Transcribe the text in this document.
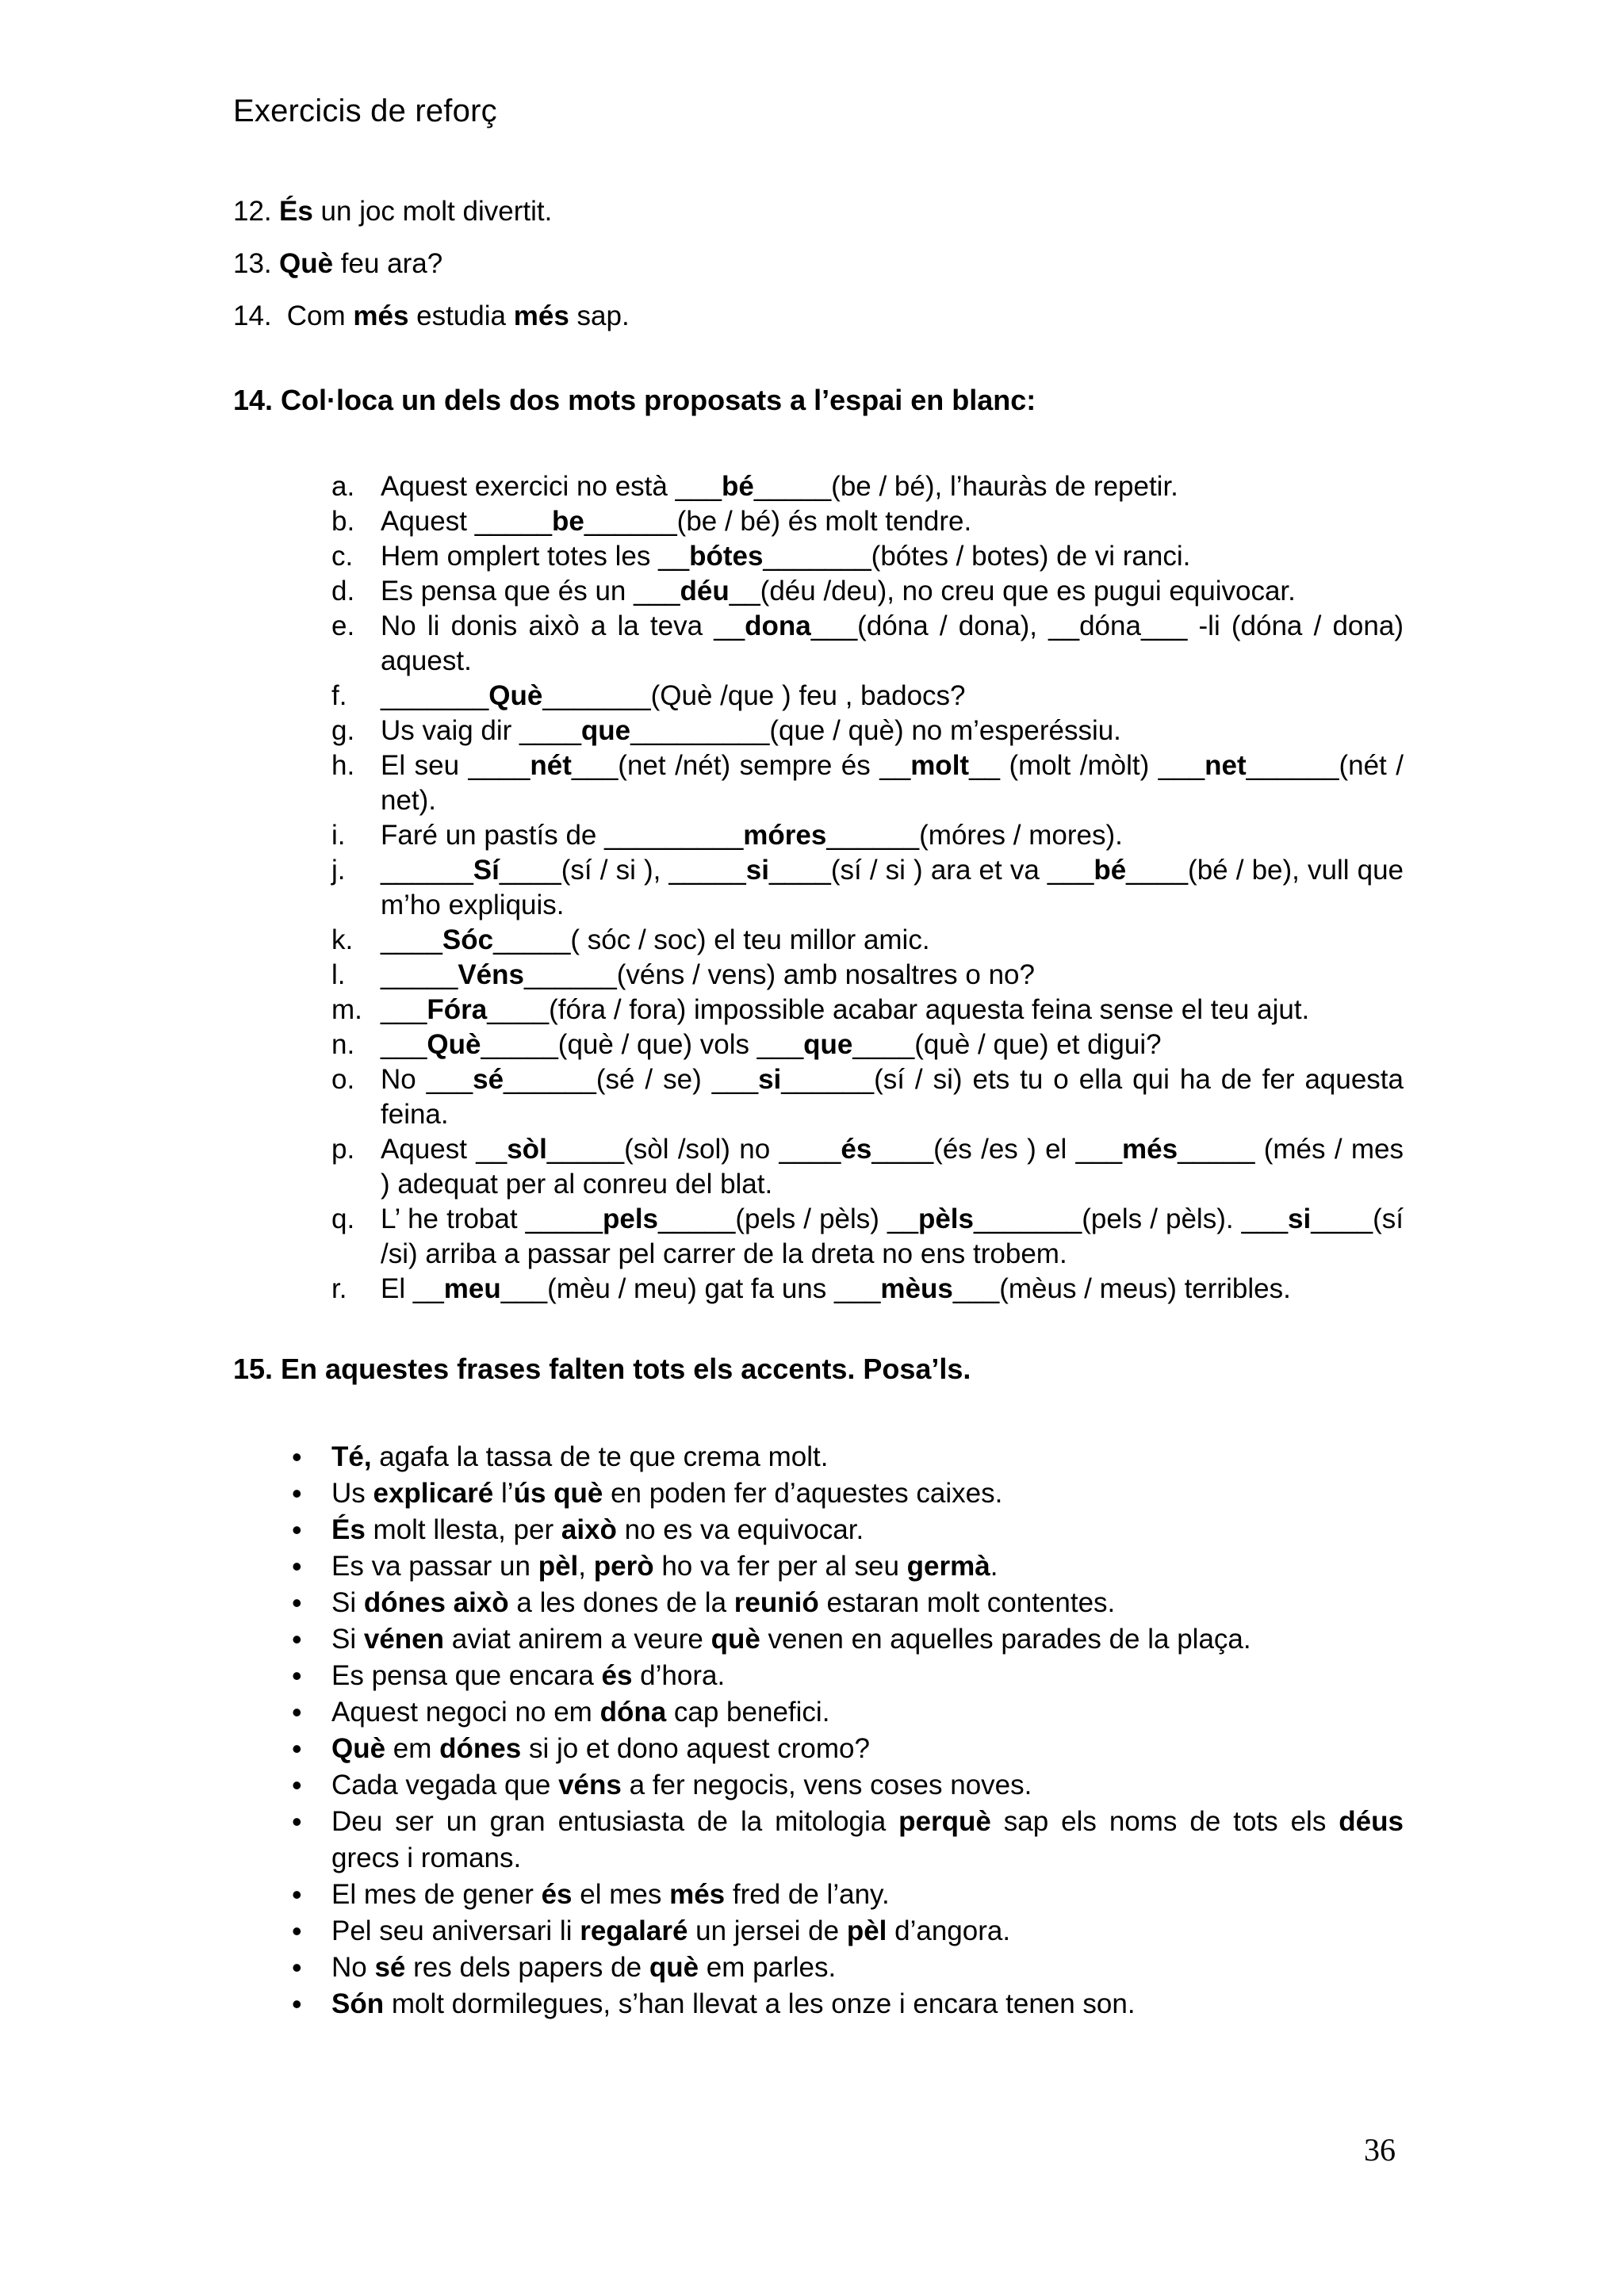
Exercicis de reforç
12. És un joc molt divertit.
13. Què feu ara?
14. Com més estudia més sap.
14. Col·loca un dels dos mots proposats a l’espai en blanc:
a. Aquest exercici no està ___bé_____(be / bé), l’hauràs de repetir.
b. Aquest _____be______(be / bé) és molt tendre.
c. Hem omplert totes les __bótes_______(bótes / botes) de vi ranci.
d. Es pensa que és un ___déu__(déu /deu), no creu que es pugui equivocar.
e. No li donis això a la teva __dona___(dóna / dona), __dóna___ -li (dóna / dona) aquest.
f. _______Què_______(Què /que ) feu , badocs?
g. Us vaig dir ____que_________(que / què) no m’esperéssiu.
h. El seu ____nét___(net /nét) sempre és __molt__ (molt /mòlt) ___net______(nét / net).
i. Faré un pastís de _________móres______(móres / mores).
j. ______Sí____(sí / si ), _____si____(sí / si ) ara et va ___bé____(bé / be), vull que m’ho expliquis.
k. ____Sóc_____( sóc / soc) el teu millor amic.
l. _____Véns______(véns / vens) amb nosaltres o no?
m. ___Fóra____(fóra / fora) impossible acabar aquesta feina sense el teu ajut.
n. ___Què_____(què / que) vols ___que____(què / que) et digui?
o. No ___sé______(sé / se) ___si______(sí / si) ets tu o ella qui ha de fer aquesta feina.
p. Aquest __sòl_____(sòl /sol) no ____és____(és /es ) el ___més_____ (més / mes ) adequat per al conreu del blat.
q. L’ he trobat _____pels_____(pels / pèls) __pèls_______(pels / pèls). ___si____(sí /si) arriba a passar pel carrer de la dreta no ens trobem.
r. El __meu___(mèu / meu) gat fa uns ___mèus___(mèus / meus) terribles.
15. En aquestes frases falten tots els accents. Posa’ls.
• Té, agafa la tassa de te que crema molt.
• Us explicaré l’ús què en poden fer d’aquestes caixes.
• És molt llesta, per això no es va equivocar.
• Es va passar un pèl, però ho va fer per al seu germà.
• Si dónes això a les dones de la reunió estaran molt contentes.
• Si vénen aviat anirem a veure què venen en aquelles parades de la plaça.
• Es pensa que encara és d’hora.
• Aquest negoci no em dóna cap benefici.
• Què em dónes si jo et dono aquest cromo?
• Cada vegada que véns a fer negocis, vens coses noves.
• Deu ser un gran entusiasta de la mitologia perquè sap els noms de tots els déus grecs i romans.
• El mes de gener és el mes més fred de l’any.
• Pel seu aniversari li regalaré un jersei de pèl d’angora.
• No sé res dels papers de què em parles.
• Són molt dormilegues, s’han llevat a les onze i encara tenen son.
36
